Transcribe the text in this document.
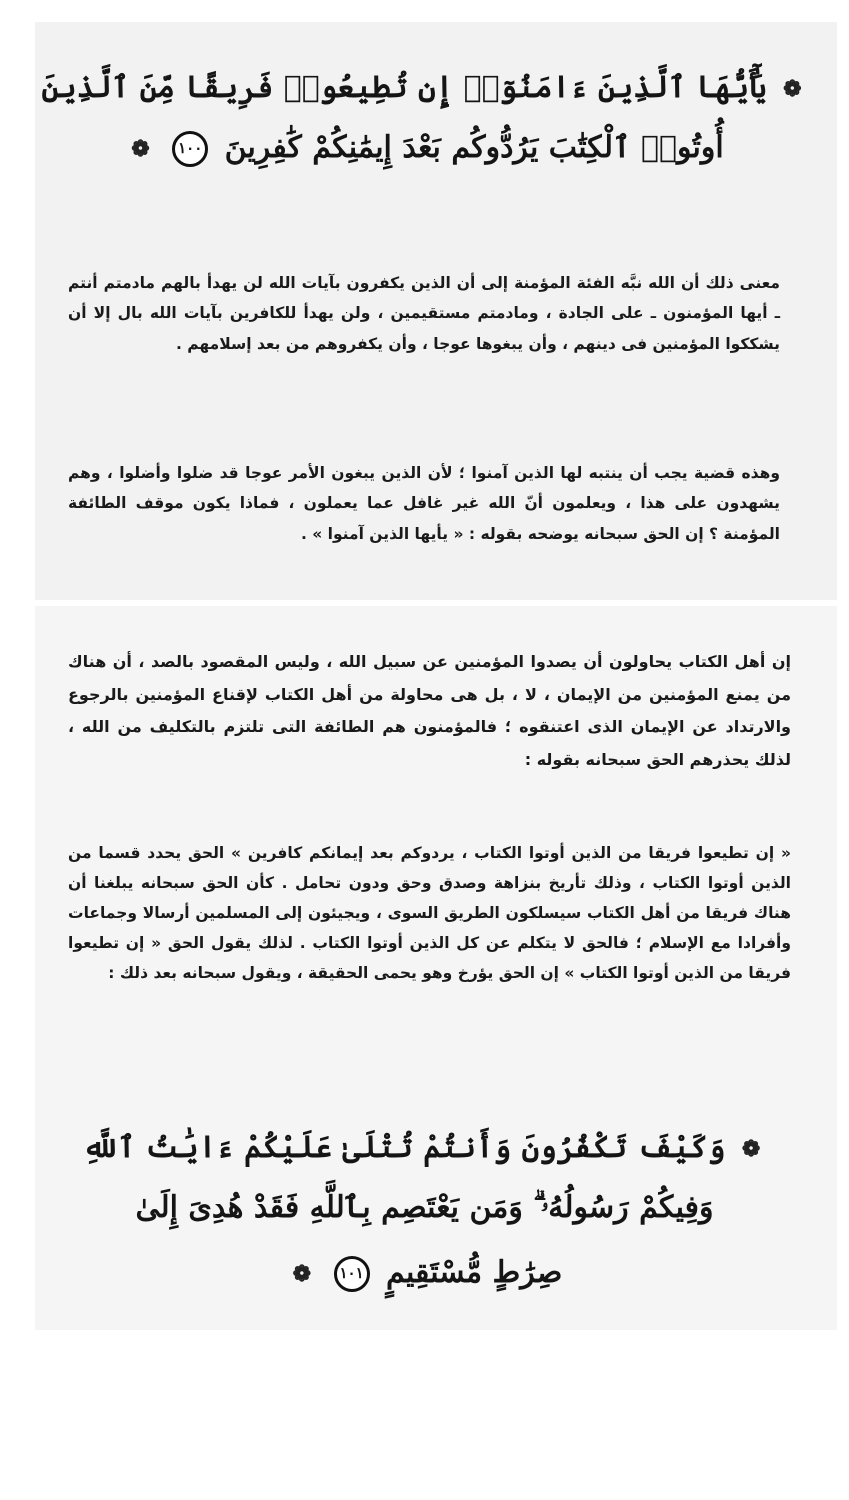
❁ يَٰٓأَيُّهَا ٱلَّذِينَ ءَامَنُوٓا۟ إِن تُطِيعُوا۟ فَرِيقًا مِّنَ ٱلَّذِينَ
أُوتُوا۟ ٱلْكِتَٰبَ يَرُدُّوكُم بَعْدَ إِيمَٰنِكُمْ كَٰفِرِينَ ١٠٠ ❁

معنى ذلك أن الله نبَّه الفئة المؤمنة إلى أن الذين يكفرون بآيات الله لن يهدأ بالهم مادمتم أنتم ـ أيها المؤمنون ـ على الجادة ، ومادمتم مستقيمين ، ولن يهدأ للكافرين بآيات الله بال إلا أن يشككوا المؤمنين فى دينهم ، وأن يبغوها عوجا ، وأن يكفروهم من بعد إسلامهم .

وهذه قضية يجب أن ينتبه لها الذين آمنوا ؛ لأن الذين يبغون الأمر عوجا قد ضلوا وأضلوا ، وهم يشهدون على هذا ، ويعلمون أنّ الله غير غافل عما يعملون ، فماذا يكون موقف الطائفة المؤمنة ؟ إن الحق سبحانه يوضحه بقوله : « يأيها الذين آمنوا » .

إن أهل الكتاب يحاولون أن يصدوا المؤمنين عن سبيل الله ، وليس المقصود بالصد ، أن هناك من يمنع المؤمنين من الإيمان ، لا ، بل هى محاولة من أهل الكتاب لإقناع المؤمنين بالرجوع والارتداد عن الإيمان الذى اعتنقوه ؛ فالمؤمنون هم الطائفة التى تلتزم بالتكليف من الله ، لذلك يحذرهم الحق سبحانه بقوله :

« إن تطيعوا فريقا من الذين أوتوا الكتاب ، يردوكم بعد إيمانكم كافرين » الحق يحدد قسما من الذين أوتوا الكتاب ، وذلك تأريخ بنزاهة وصدق وحق ودون تحامل . كأن الحق سبحانه يبلغنا أن هناك فريقا من أهل الكتاب سيسلكون الطريق السوى ، ويجيئون إلى المسلمين أرسالا وجماعات وأفرادا مع الإسلام ؛ فالحق لا يتكلم عن كل الذين أوتوا الكتاب . لذلك يقول الحق « إن تطيعوا فريقا من الذين أوتوا الكتاب » إن الحق يؤرخ وهو يحمى الحقيقة ، ويقول سبحانه بعد ذلك :

❁ وَكَيْفَ تَكْفُرُونَ وَأَنتُمْ تُتْلَىٰ عَلَيْكُمْ ءَايَٰتُ ٱللَّهِ
وَفِيكُمْ رَسُولُهُۥ ۗ وَمَن يَعْتَصِم بِٱللَّهِ فَقَدْ هُدِىَ إِلَىٰ
صِرَٰطٍ مُّسْتَقِيمٍ ١٠١ ❁
